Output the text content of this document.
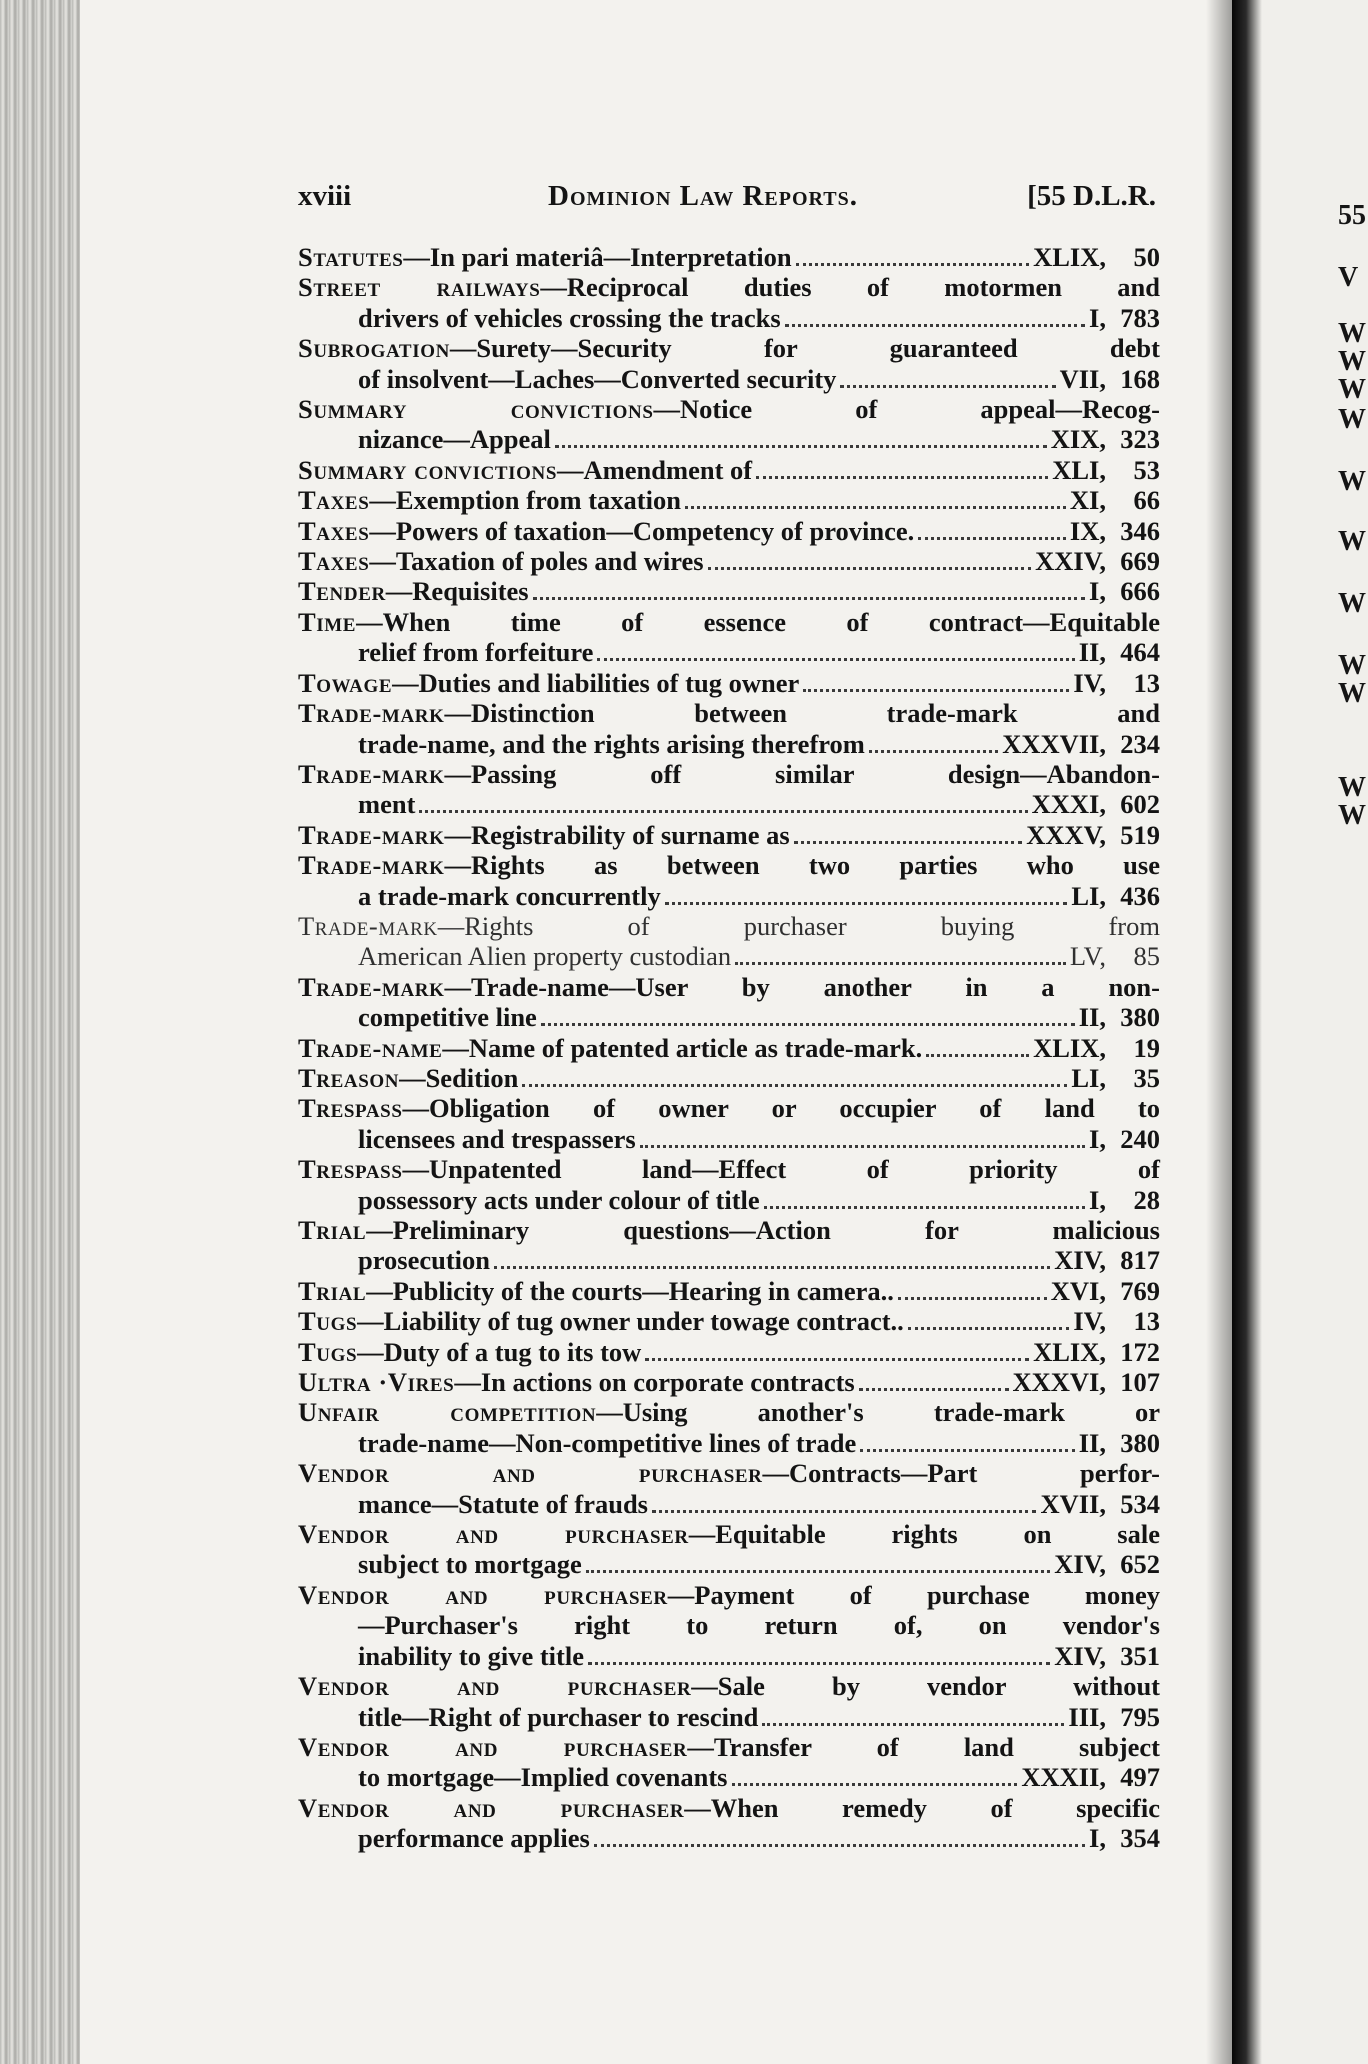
xviii	Dominion Law Reports.	[55 D.L.R.
Statutes —In pari materiâ—Interpretation	XLIX,	50
Street railways—Reciprocal duties of motormen and
drivers of vehicles crossing the tracks	I, 783
Subrogation—Surety—Security for guaranteed debt
of insolvent—Laches—Converted security	VII, 168
Summary convictions—Notice of appeal—Recog-
nizance—Appeal	XIX, 323
Summary convictions —Amendment of	XLI,	53
Taxes —Exemption from taxation	XI,	66
Taxes —Powers of taxation—Competency of province.	IX, 346
Taxes —Taxation of poles and wires	XXIV, 669
Tender —Requisites	I, 666
Time—When time of essence of contract—Equitable
relief from forfeiture	II, 464
Towage —Duties and liabilities of tug owner	IV,	13
Trade-mark—Distinction between trade-mark and
trade-name, and the rights arising therefrom	XXXVII, 234
Trade-mark—Passing off similar design—Abandon-
ment	XXXI, 602
Trade-mark —Registrability of surname as	XXXV, 519
Trade-mark—Rights as between two parties who use
a trade-mark concurrently	LI, 436
Trade-mark—Rights of purchaser buying from
American Alien property custodian	LV,	85
Trade-mark—Trade-name—User by another in a non-
competitive line	II, 380
Trade-name —Name of patented article as trade-mark.	XLIX,	19
Treason —Sedition	LI,	35
Trespass—Obligation of owner or occupier of land to
licensees and trespassers	I, 240
Trespass—Unpatented land—Effect of priority of
possessory acts under colour of title	I,	28
Trial—Preliminary questions—Action for malicious
prosecution	XIV, 817
Trial —Publicity of the courts—Hearing in camera..	XVI, 769
Tugs —Liability of tug owner under towage contract..	IV,	13
Tugs —Duty of a tug to its tow	XLIX, 172
Ultra ·Vires —In actions on corporate contracts	XXXVI, 107
Unfair competition—Using another's trade-mark or
trade-name—Non-competitive lines of trade	II, 380
Vendor and purchaser—Contracts—Part perfor-
mance—Statute of frauds	XVII, 534
Vendor and purchaser—Equitable rights on sale
subject to mortgage	XIV, 652
Vendor and purchaser—Payment of purchase money
—Purchaser's right to return of, on vendor's
inability to give title	XIV, 351
Vendor and purchaser—Sale by vendor without
title—Right of purchaser to rescind	III, 795
Vendor and purchaser—Transfer of land subject
to mortgage—Implied covenants	XXXII, 497
Vendor and purchaser—When remedy of specific
performance applies	I, 354
55
V
W
W
W
W
W
W
W
W
W
W
W
